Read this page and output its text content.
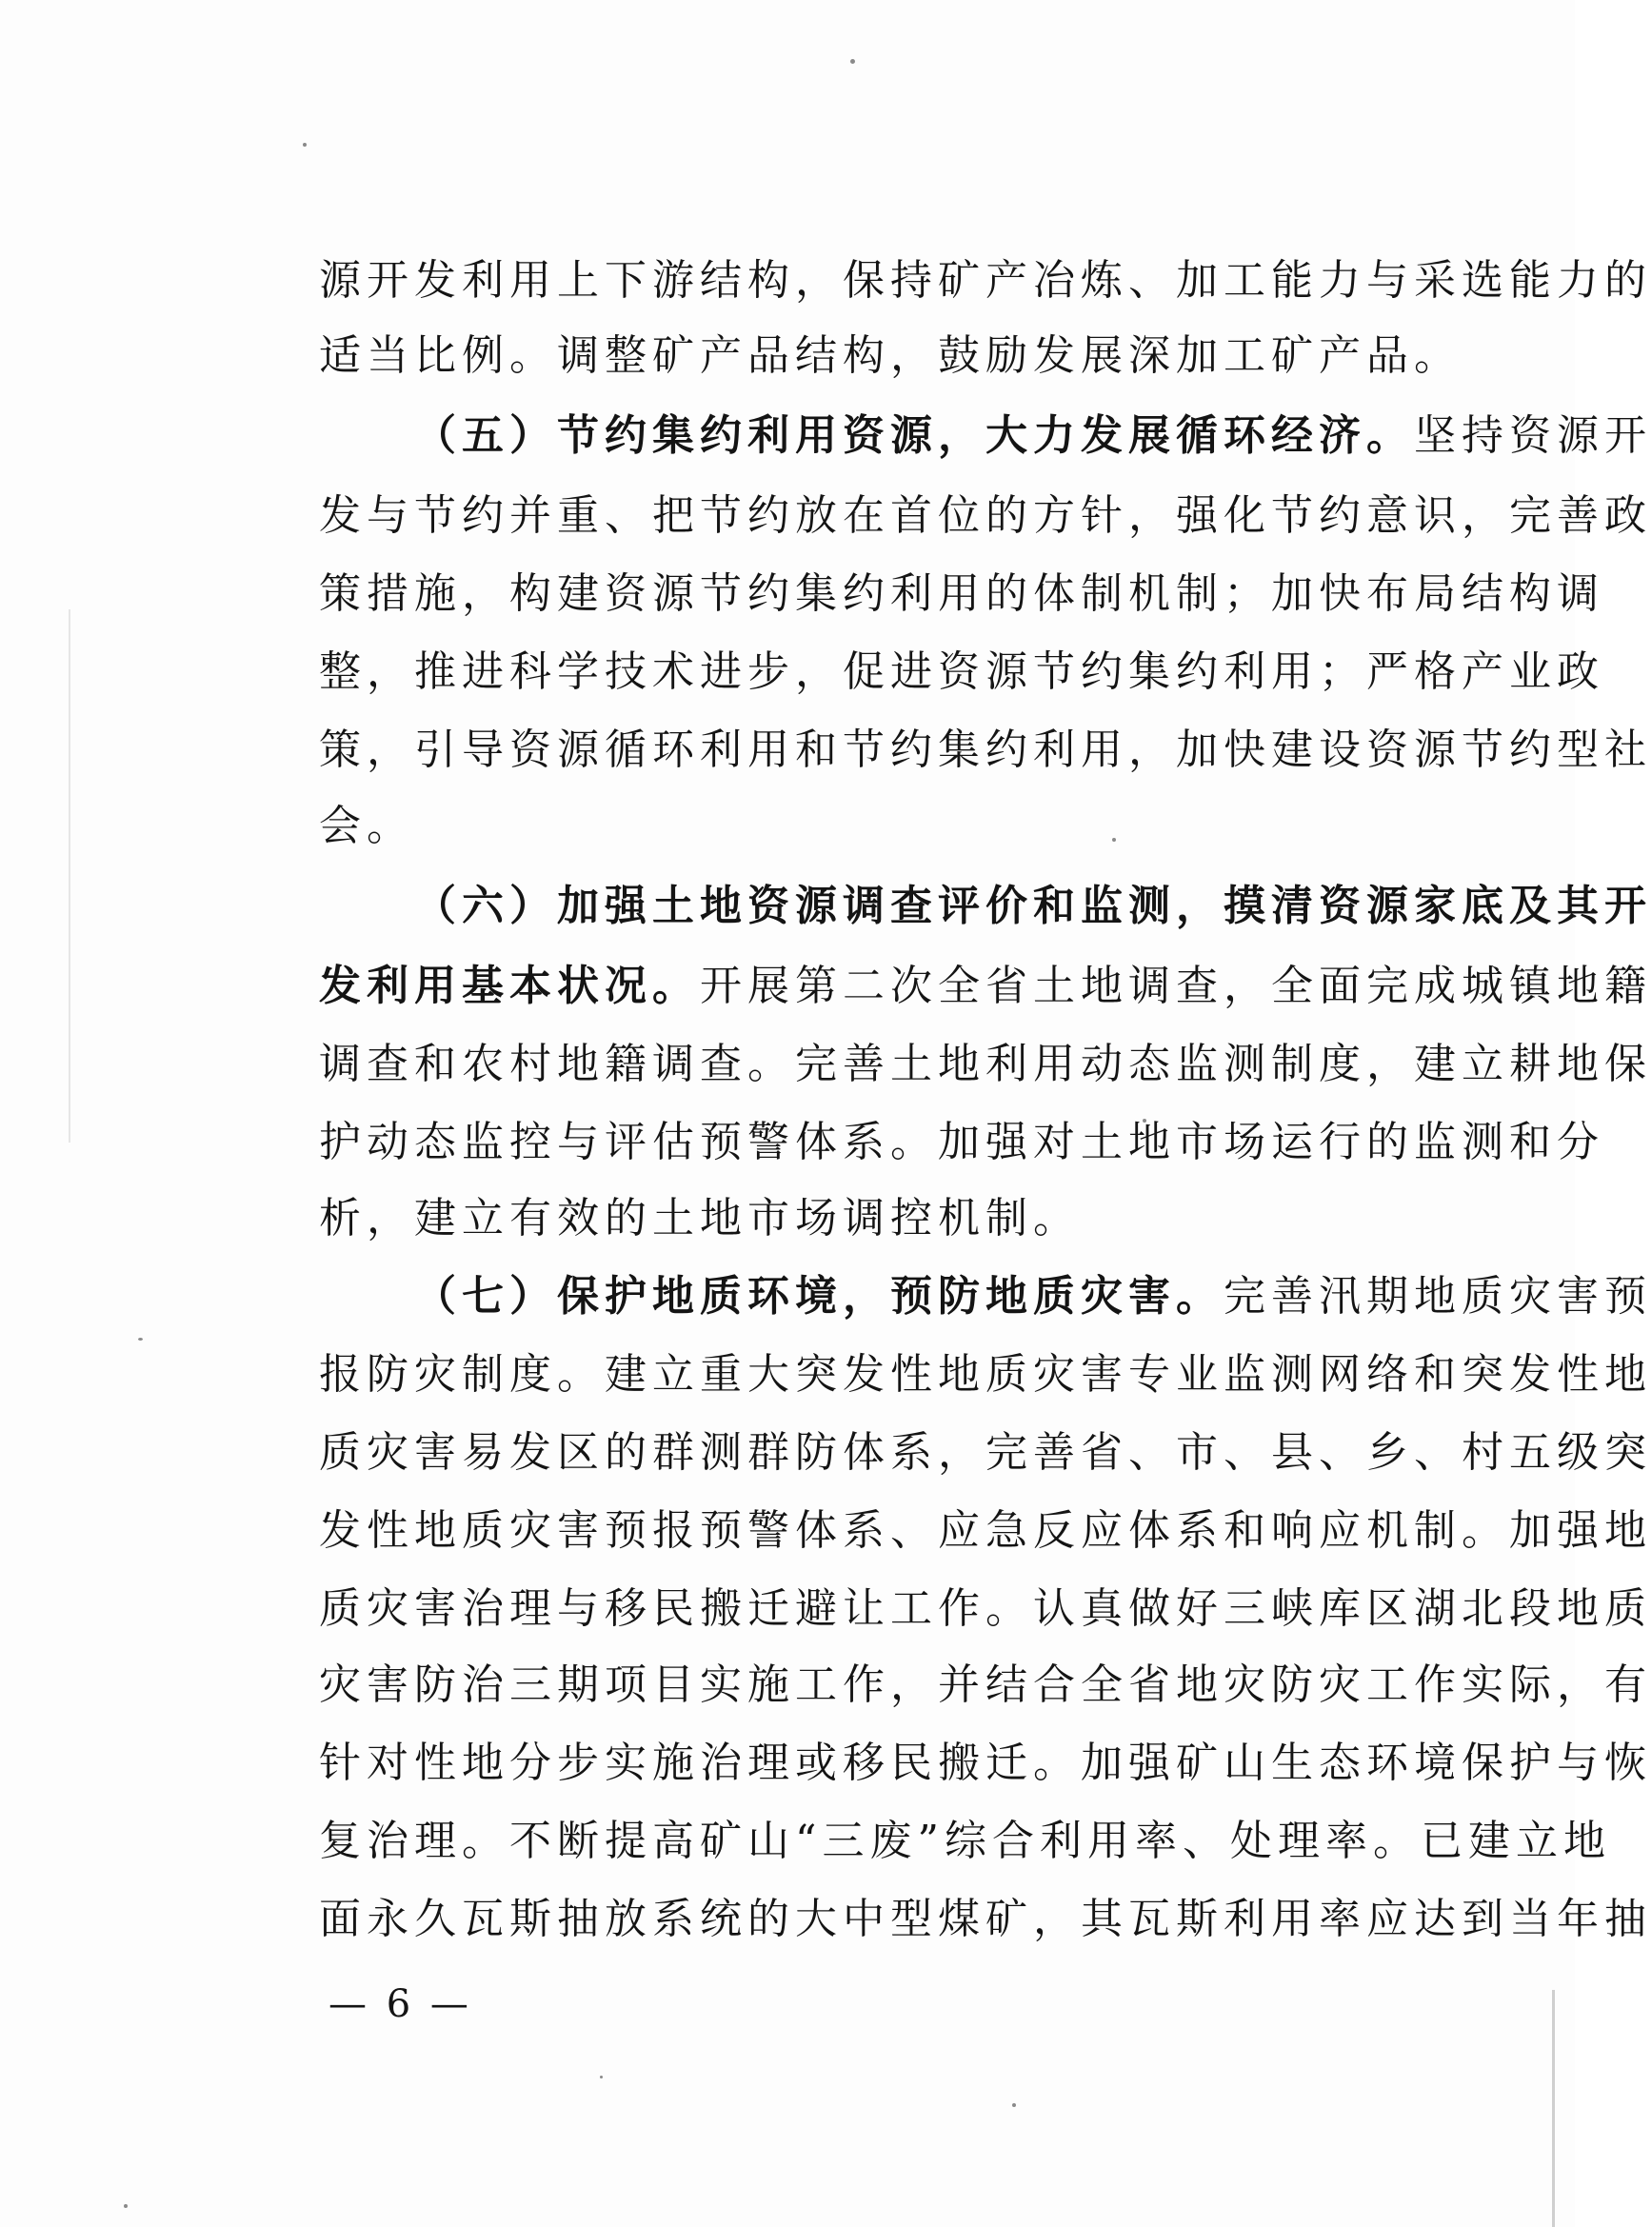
源开发利用上下游结构，保持矿产冶炼、加工能力与采选能力的
适当比例。调整矿产品结构，鼓励发展深加工矿产品。
（五）节约集约利用资源，大力发展循环经济。坚持资源开
发与节约并重、把节约放在首位的方针，强化节约意识，完善政
策措施，构建资源节约集约利用的体制机制；加快布局结构调
整，推进科学技术进步，促进资源节约集约利用；严格产业政
策，引导资源循环利用和节约集约利用，加快建设资源节约型社
会。
（六）加强土地资源调查评价和监测，摸清资源家底及其开
发利用基本状况。开展第二次全省土地调查，全面完成城镇地籍
调查和农村地籍调查。完善土地利用动态监测制度，建立耕地保
护动态监控与评估预警体系。加强对土地市场运行的监测和分
析，建立有效的土地市场调控机制。
（七）保护地质环境，预防地质灾害。完善汛期地质灾害预
报防灾制度。建立重大突发性地质灾害专业监测网络和突发性地
质灾害易发区的群测群防体系，完善省、市、县、乡、村五级突
发性地质灾害预报预警体系、应急反应体系和响应机制。加强地
质灾害治理与移民搬迁避让工作。认真做好三峡库区湖北段地质
灾害防治三期项目实施工作，并结合全省地灾防灾工作实际，有
针对性地分步实施治理或移民搬迁。加强矿山生态环境保护与恢
复治理。不断提高矿山“三废”综合利用率、处理率。已建立地
面永久瓦斯抽放系统的大中型煤矿，其瓦斯利用率应达到当年抽
— 6 —
